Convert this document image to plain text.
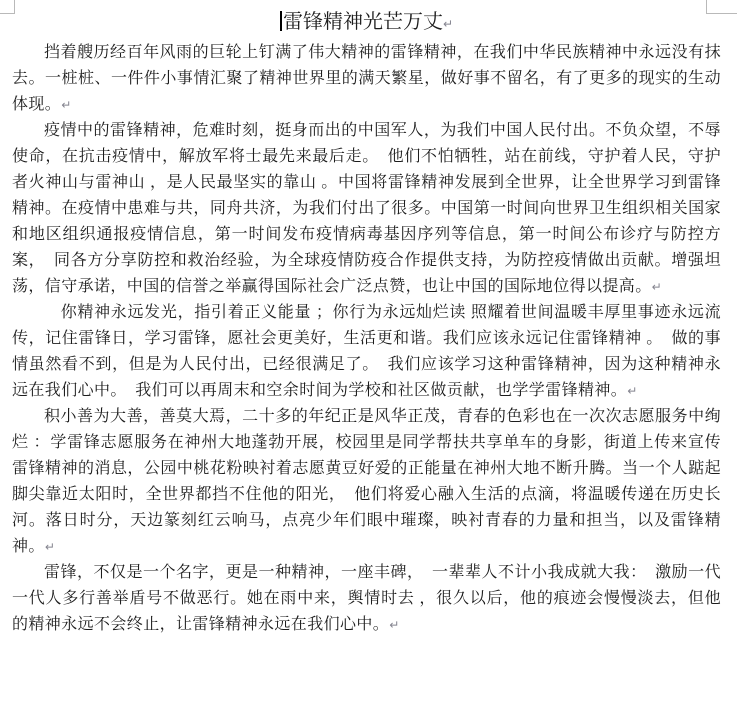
雷锋精神光芒万丈↵

挡着艘历经百年风雨的巨轮上钉满了伟大精神的雷锋精神，在我们中华民族精神中永远没有抹去。一桩桩、一件件小事情汇聚了精神世界里的满天繁星，做好事不留名，有了更多的现实的生动体现。↵

疫情中的雷锋精神，危难时刻，挺身而出的中国军人，为我们中国人民付出。不负众望，不辱使命，在抗击疫情中，解放军将士最先来最后走。　他们不怕牺牲，站在前线，守护着人民，守护者火神山与雷神山 ，是人民最坚实的靠山 。中国将雷锋精神发展到全世界，让全世界学习到雷锋精神。在疫情中患难与共，同舟共济，为我们付出了很多。中国第一时间向世界卫生组织相关国家和地区组织通报疫情信息，第一时间发布疫情病毒基因序列等信息，第一时间公布诊疗与防控方案，　同各方分享防控和救治经验，为全球疫情防疫合作提供支持，为防控疫情做出贡献。增强坦荡，信守承诺，中国的信誉之举赢得国际社会广泛点赞，也让中国的国际地位得以提高。↵

　你精神永远发光，指引着正义能量 ；你行为永远灿烂读 照耀着世间温暖丰厚里事迹永远流传，记住雷锋日，学习雷锋，愿社会更美好，生活更和谐。我们应该永远记住雷锋精神 。　做的事情虽然看不到，但是为人民付出，已经很满足了。　我们应该学习这种雷锋精神，因为这种精神永远在我们心中。　我们可以再周末和空余时间为学校和社区做贡献，也学学雷锋精神。↵

积小善为大善，善莫大焉，二十多的年纪正是风华正茂，青春的色彩也在一次次志愿服务中绚烂 ：学雷锋志愿服务在神州大地蓬勃开展，校园里是同学帮扶共享单车的身影，街道上传来宣传雷锋精神的消息，公园中桃花粉映衬着志愿黄豆好爱的正能量在神州大地不断升腾。当一个人踮起脚尖靠近太阳时，全世界都挡不住他的阳光，　他们将爱心融入生活的点滴，将温暖传递在历史长河。落日时分，天边篆刻红云响马，点亮少年们眼中璀璨，映衬青春的力量和担当，以及雷锋精神。↵

雷锋，不仅是一个名字，更是一种精神，一座丰碑，　一辈辈人不计小我成就大我：　激励一代一代人多行善举盾号不做恶行。她在雨中来，舆情时去 ，很久以后，他的痕迹会慢慢淡去，但他的精神永远不会终止，让雷锋精神永远在我们心中。↵
